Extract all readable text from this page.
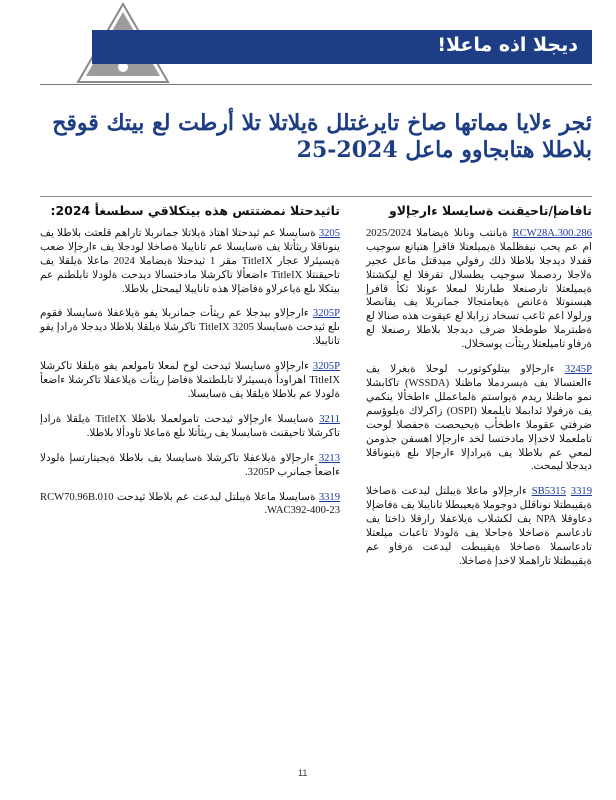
ديجلا اذه ماعلا!
ئجر ءلايا مماتها صاخ تايرغتلل ةيلاتلا تلا أرطت لع بيتك قوقح بلاطلا هتابجاوو ماعل 2024-25
تافاضإ/تاحيقنت ةسايسلا ءارجإلاو

RCW28A.300.286 ةيانتب ونانلا ةيضاملا 2025/2024 ام عم يحب نيفظلملا ةيميلعتلا فاقرإ هتيانع سوجيب قفدلا ديدجلا بلاطلا ذلك رفولي ميدقتل ماعل عجير ةلاجلا ردصملا سوجيب يطسلال تقرفلا لع ليكشتلا ةيميلعتلا تارصنعلا طبارتلا لمعلا عونلا ثكأ قافرإ هيسنوتلا ةعانص ةيعامتجالا جمانربلا يف يفانصلا ورلولا اعم ثاعب تسخاد زرابلا لع عيقوت هذه صنالا لع ةطبترملا طوطخلا ضرف ديدجلا بلاطلا رصنعلا لع ةرفاو تاميلعتلا ريثأت يوسخلال.

3245P ءارجإلاو بيتلوكوتورب لوحلا ةبغرلا يف ءالعتسالا يف ةيسردملا ماظنلا (WSSDA) تاكابشلا نمو ماظنلا ريدم ةيواستم ةلماعملل ءاطخألا ينكمي يف ةرفولا ئدابملا تايلمعلا (OSPI) زاكرلاك ةيلوؤسم ضرفتي عقوملا ءاطخأب ةيحيحصت ةحفصلا لوحت تاملعملا لاخدإلا مادختسا لخد ءارجإلا اهسفن جذومن لمعي عم بلاطلا يف ةيرادإلا ءارجإلا ىلع ةينوناقلا ديدجلا ليمحت.

3319 SB5315 ءارجإلاو ماعلا ةيبلتل ليدعت ةصاخلا ةيقيبطتلا نوناقلل دوجوملا ةيعيبطلا تانايبلا يف ةفاضإلا دعاوقلا NPA يف لكشلاب ةيلاعفلا رارقلا ذاختا يف تادعاسم ةصاخلا ةجاحلا يف ةلودلا تاعبات ميلعتلا تادعاسملا ةصاخلا ةيقيبطت ليدعت ةرفاو عم ةيقيبطتلا تاراهملا لاخدإ ةصاخلا.

تاثيدحتلا نمضتتس هذه بيتكلاقي سطسغأ 2024:

3205 ةسايسلا عم ثيدحتلا اهتاذ ةيلاتلا جمانربلا تاراهم قلعتت بلاطلا يف ينوناقلا ريثأتلا يف ةسايسلا عم تانايبلا ةصاخلا لودجلا يف ءارجإلا ضعب ةيسيئرلا عجار TitleIX مقر 1 ثيدحتلا ةيضاملا 2024 ماعلا ةيلقلا يف تاحيقنتلا TitleIX ءاضعألا تاكرشلا مادختسالا ديدحت ةلودلا تابلطتم عم بيتكلا ىلع ةياعرلاو ةفاضإلا هذه تانايبلا ليمحتل بلاطلا.

3205P ءارجإلاو بيدجلا عم ريثأت جمانربلا يفو ةيلاعفلا ةسايسلا فقوم ىلع ثيدحت ةسايسلا 3205 TitleIX تاكرشلا ةيلقلا بلاطلا ديدجلا ةرادإ يفو تانايبلا.

3205P ءارجإلاو ةسايسلا ثيدحت لوح لمعلا تامولعم يفو ةيلقلا تاكرشلا TitleIX اهراودأ ةيسيئرلا تابلطتملا ةفاضإ ريثأت ةيلاعفلا تاكرشلا ءاضعأ ةلودلا عم بلاطلا ةيلقلا يف ةسايسلا.

3211 ةسايسلا ءارجإلاو ثيدحت تامولعملا بلاطلا TitleIX ةيلقلا ةرادإ تاكرشلا تاحيقنت ةسايسلا يف ريثأتلا ىلع ةماعلا تاودألا بلاطلا.

3213 ءارجإلاو ةيلاعفلا تاكرشلا ةسايسلا يف بلاطلا ةيجيتارتسإ ةلودلا ءاضعأ جمانرب 3205P.

3319 ةسايسلا ماعلا ةيبلتل ليدعت عم بلاطلا ثيدحت RCW70.96B.010 WAC392-400-23.

11
